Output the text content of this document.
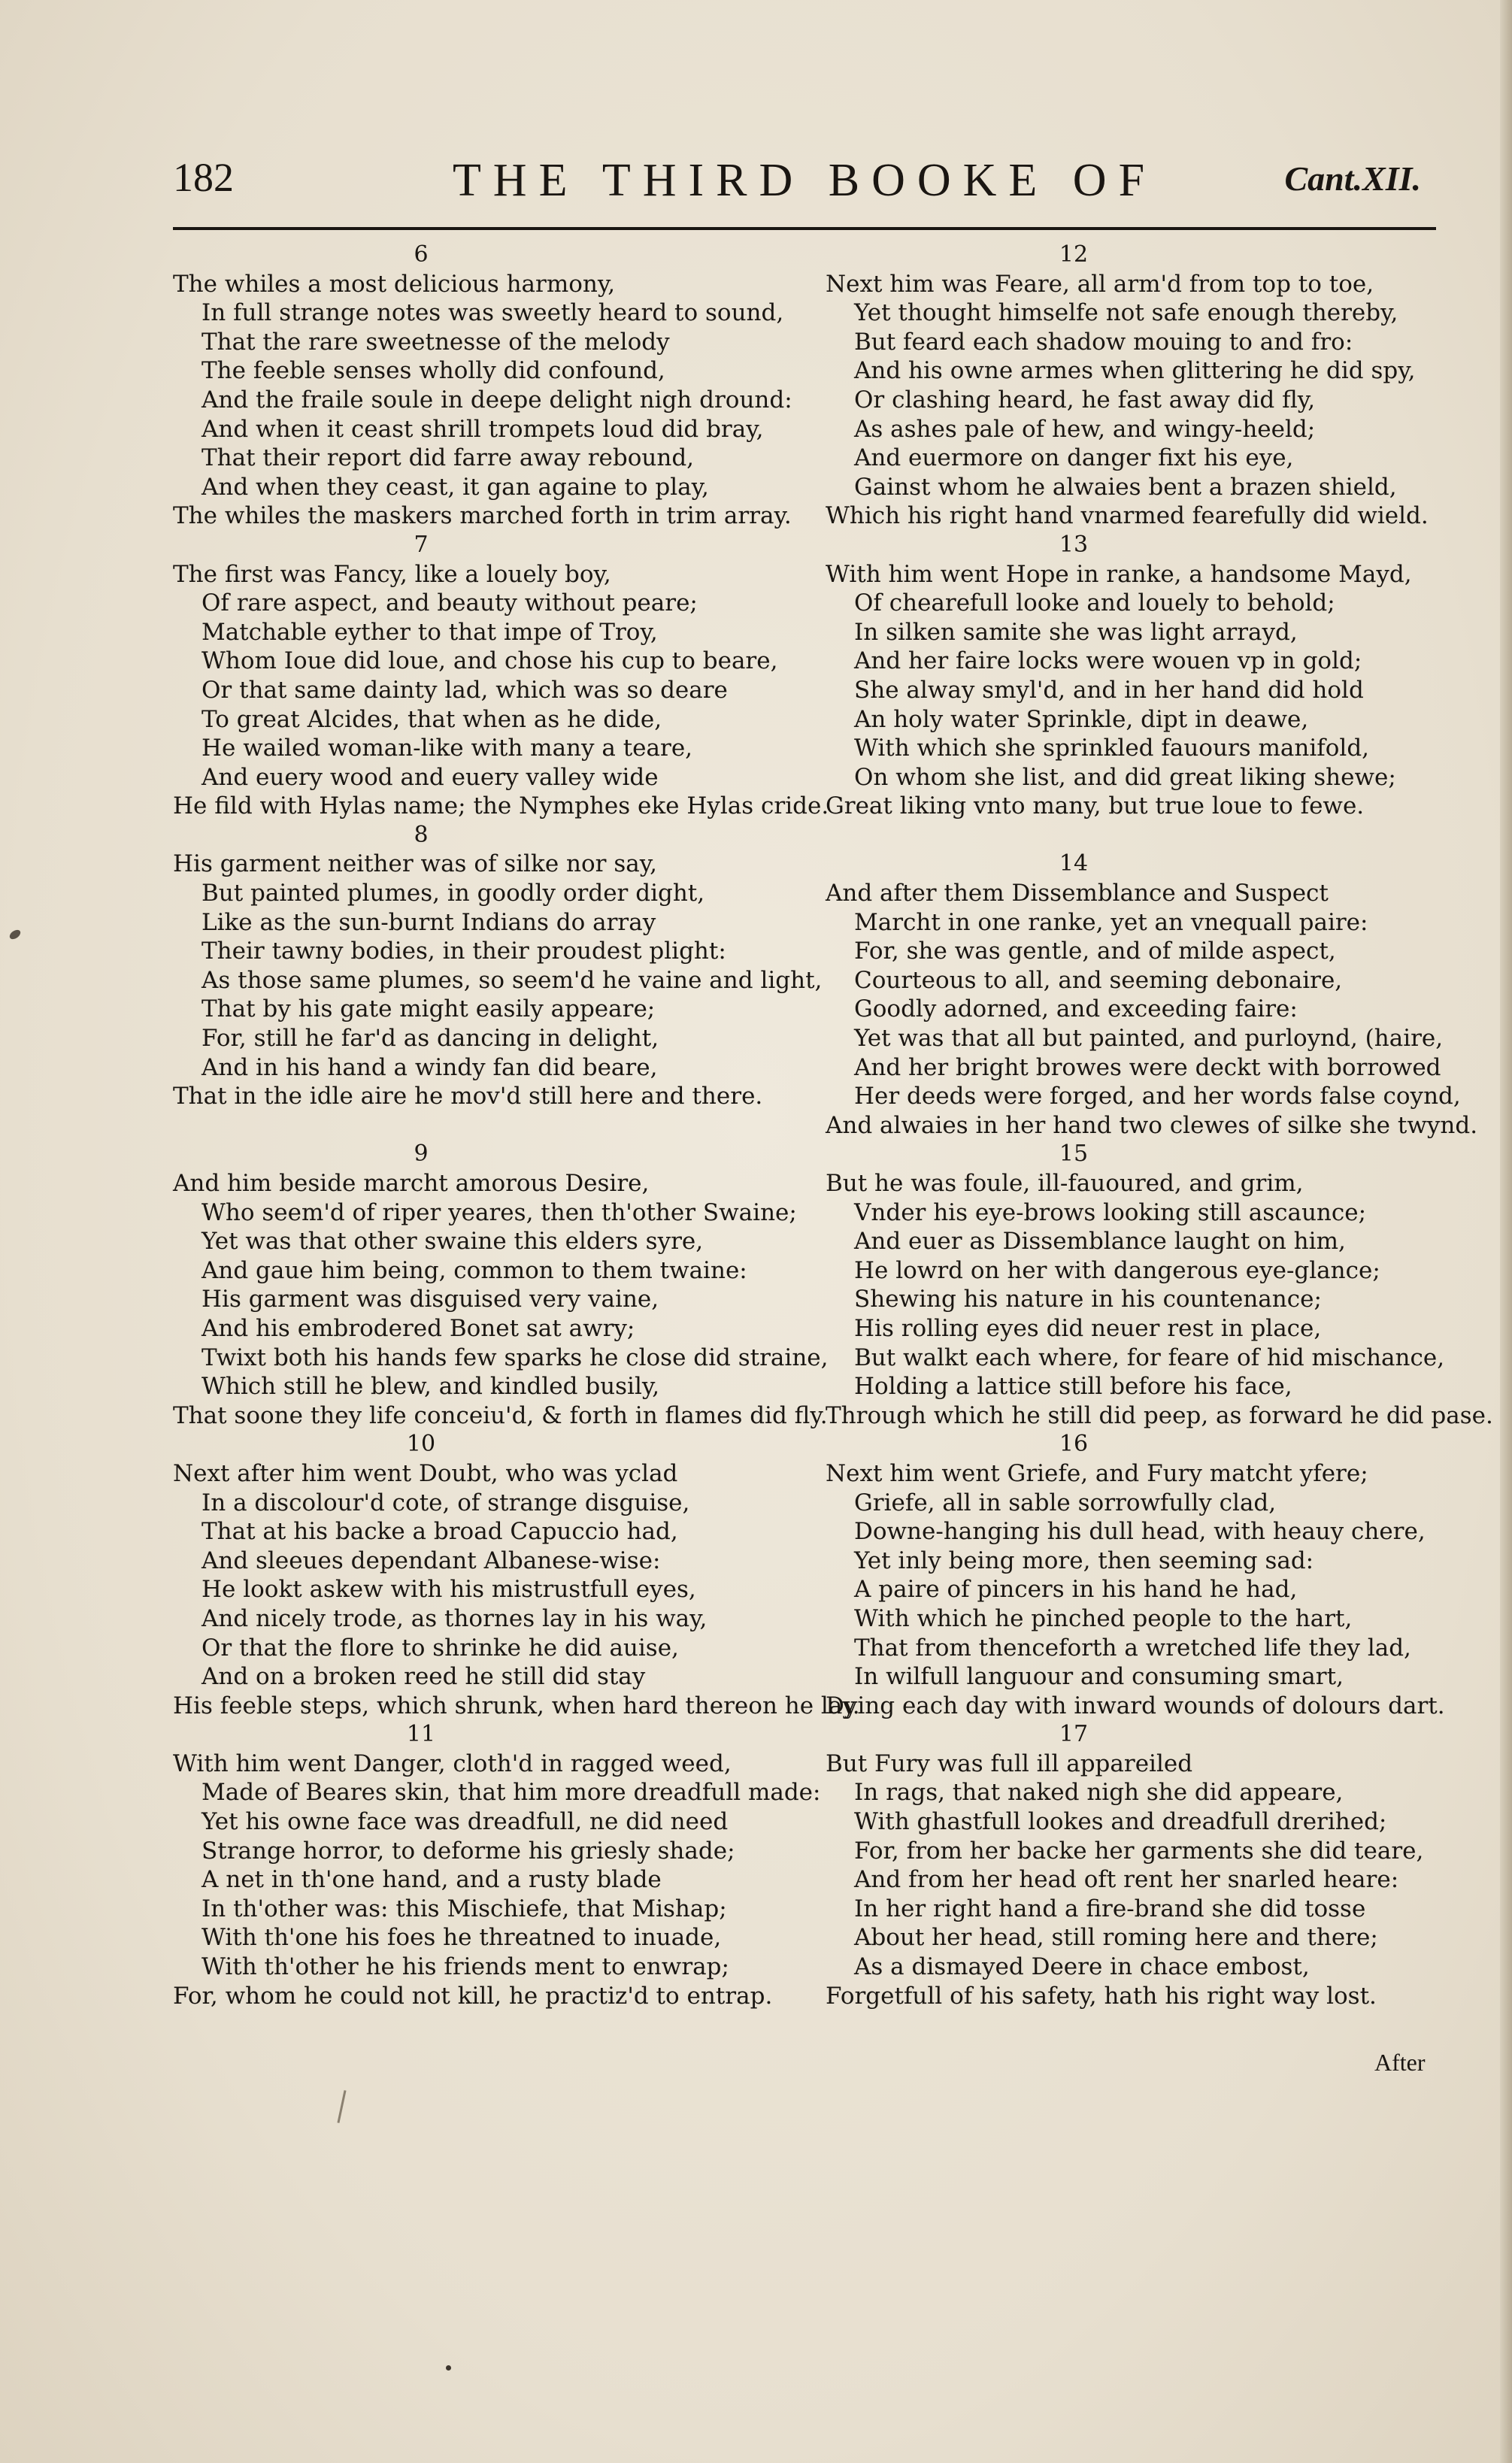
182	THE THIRD BOOKE OF	Cant.XII.
6
The whiles a most delicious harmony,
In full strange notes was sweetly heard to sound,
That the rare sweetnesse of the melody
The feeble senses wholly did confound,
And the fraile soule in deepe delight nigh dround:
And when it ceast shrill trompets loud did bray,
That their report did farre away rebound,
And when they ceast, it gan againe to play,
The whiles the maskers marched forth in trim array.
7
The first was Fancy, like a louely boy,
Of rare aspect, and beauty without peare;
Matchable eyther to that impe of Troy,
Whom Ioue did loue, and chose his cup to beare,
Or that same dainty lad, which was so deare
To great Alcides, that when as he dide,
He wailed woman-like with many a teare,
And euery wood and euery valley wide
He fild with Hylas name; the Nymphes eke Hylas cride.
8
His garment neither was of silke nor say,
But painted plumes, in goodly order dight,
Like as the sun-burnt Indians do array
Their tawny bodies, in their proudest plight:
As those same plumes, so seem'd he vaine and light,
That by his gate might easily appeare;
For, still he far'd as dancing in delight,
And in his hand a windy fan did beare,
That in the idle aire he mov'd still here and there.
9
And him beside marcht amorous Desire,
Who seem'd of riper yeares, then th'other Swaine;
Yet was that other swaine this elders syre,
And gaue him being, common to them twaine:
His garment was disguised very vaine,
And his embrodered Bonet sat awry;
Twixt both his hands few sparks he close did straine,
Which still he blew, and kindled busily,
That soone they life conceiu'd, & forth in flames did fly.
10
Next after him went Doubt, who was yclad
In a discolour'd cote, of strange disguise,
That at his backe a broad Capuccio had,
And sleeues dependant Albanese-wise:
He lookt askew with his mistrustfull eyes,
And nicely trode, as thornes lay in his way,
Or that the flore to shrinke he did auise,
And on a broken reed he still did stay
His feeble steps, which shrunk, when hard thereon he lay.
11
With him went Danger, cloth'd in ragged weed,
Made of Beares skin, that him more dreadfull made:
Yet his owne face was dreadfull, ne did need
Strange horror, to deforme his griesly shade;
A net in th'one hand, and a rusty blade
In th'other was: this Mischiefe, that Mishap;
With th'one his foes he threatned to inuade,
With th'other he his friends ment to enwrap;
For, whom he could not kill, he practiz'd to entrap.
12
Next him was Feare, all arm'd from top to toe,
Yet thought himselfe not safe enough thereby,
But feard each shadow mouing to and fro:
And his owne armes when glittering he did spy,
Or clashing heard, he fast away did fly,
As ashes pale of hew, and wingy-heeld;
And euermore on danger fixt his eye,
Gainst whom he alwaies bent a brazen shield,
Which his right hand vnarmed fearefully did wield.
13
With him went Hope in ranke, a handsome Mayd,
Of chearefull looke and louely to behold;
In silken samite she was light arrayd,
And her faire locks were wouen vp in gold;
She alway smyl'd, and in her hand did hold
An holy water Sprinkle, dipt in deawe,
With which she sprinkled fauours manifold,
On whom she list, and did great liking shewe;
Great liking vnto many, but true loue to fewe.
14
And after them Dissemblance and Suspect
Marcht in one ranke, yet an vnequall paire:
For, she was gentle, and of milde aspect,
Courteous to all, and seeming debonaire,
Goodly adorned, and exceeding faire:
Yet was that all but painted, and purloynd, (haire,
And her bright browes were deckt with borrowed
Her deeds were forged, and her words false coynd,
And alwaies in her hand two clewes of silke she twynd.
15
But he was foule, ill-fauoured, and grim,
Vnder his eye-brows looking still ascaunce;
And euer as Dissemblance laught on him,
He lowrd on her with dangerous eye-glance;
Shewing his nature in his countenance;
His rolling eyes did neuer rest in place,
But walkt each where, for feare of hid mischance,
Holding a lattice still before his face,
Through which he still did peep, as forward he did pase.
16
Next him went Griefe, and Fury matcht yfere;
Griefe, all in sable sorrowfully clad,
Downe-hanging his dull head, with heauy chere,
Yet inly being more, then seeming sad:
A paire of pincers in his hand he had,
With which he pinched people to the hart,
That from thenceforth a wretched life they lad,
In wilfull languour and consuming smart,
Dying each day with inward wounds of dolours dart.
17
But Fury was full ill appareiled
In rags, that naked nigh she did appeare,
With ghastfull lookes and dreadfull drerihed;
For, from her backe her garments she did teare,
And from her head oft rent her snarled heare:
In her right hand a fire-brand she did tosse
About her head, still roming here and there;
As a dismayed Deere in chace embost,
Forgetfull of his safety, hath his right way lost.
After
